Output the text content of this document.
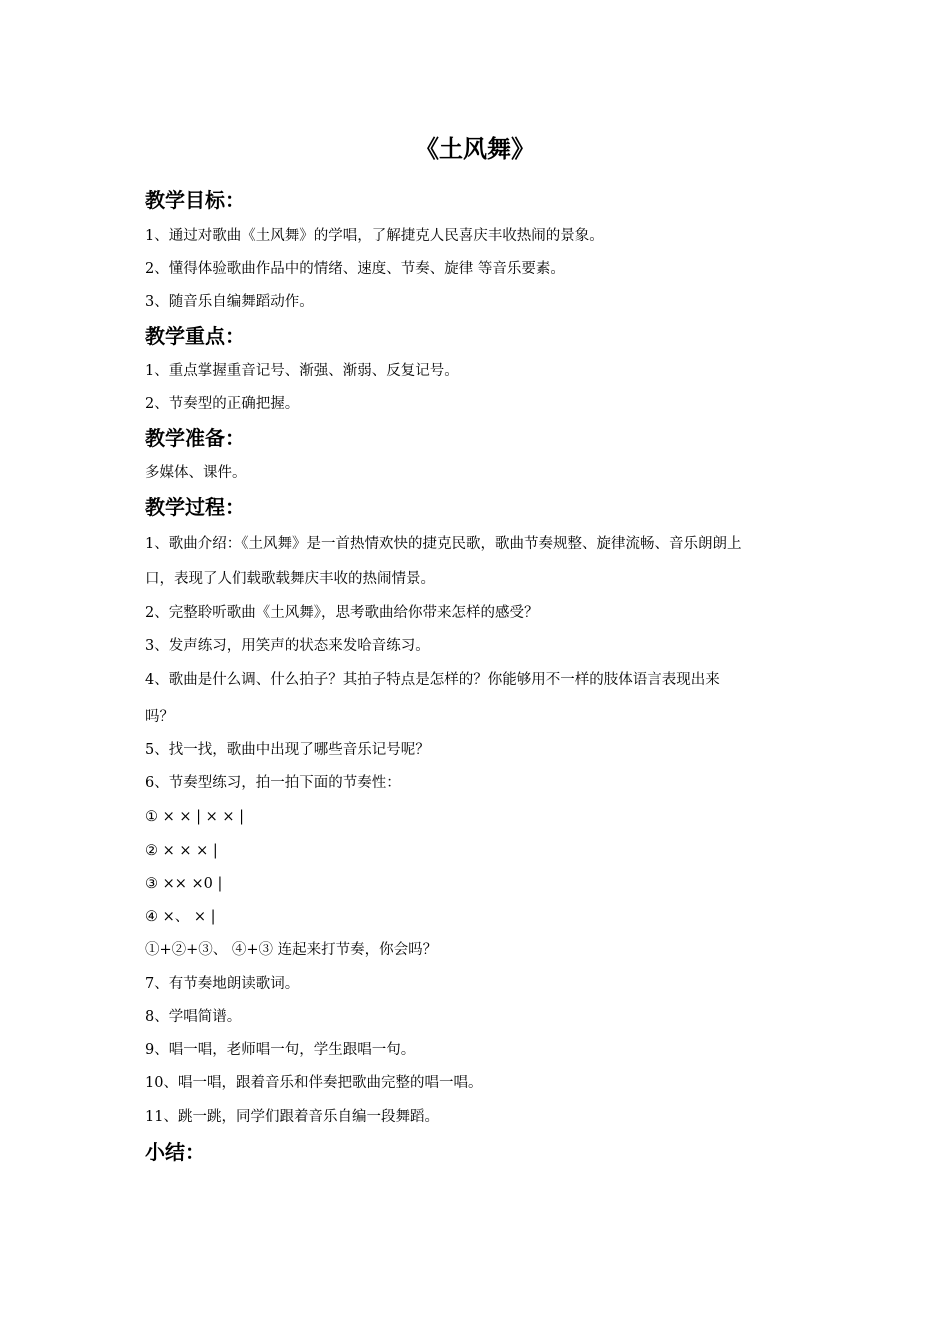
《土风舞》
教学目标：
1、通过对歌曲《土风舞》的学唱，了解捷克人民喜庆丰收热闹的景象。
2、懂得体验歌曲作品中的情绪、速度、节奏、旋律 等音乐要素。
3、随音乐自编舞蹈动作。
教学重点：
1、重点掌握重音记号、渐强、渐弱、反复记号。
2、节奏型的正确把握。
教学准备：
多媒体、课件。
教学过程：
1、歌曲介绍：《土风舞》是一首热情欢快的捷克民歌，歌曲节奏规整、旋律流畅、音乐朗朗上
口，表现了人们载歌载舞庆丰收的热闹情景。
2、完整聆听歌曲《土风舞》，思考歌曲给你带来怎样的感受？
3、发声练习，用笑声的状态来发哈音练习。
4、歌曲是什么调、什么拍子？其拍子特点是怎样的？你能够用不一样的肢体语言表现出来
吗？
5、找一找，歌曲中出现了哪些音乐记号呢？
6、节奏型练习，拍一拍下面的节奏性：
① × × | × × |
② × × × |
③ ×× ×0 |
④ ×、 × |
①+②+③、 ④+③ 连起来打节奏，你会吗？
7、有节奏地朗读歌词。
8、学唱简谱。
9、唱一唱，老师唱一句，学生跟唱一句。
10、唱一唱，跟着音乐和伴奏把歌曲完整的唱一唱。
11、跳一跳，同学们跟着音乐自编一段舞蹈。
小结：
